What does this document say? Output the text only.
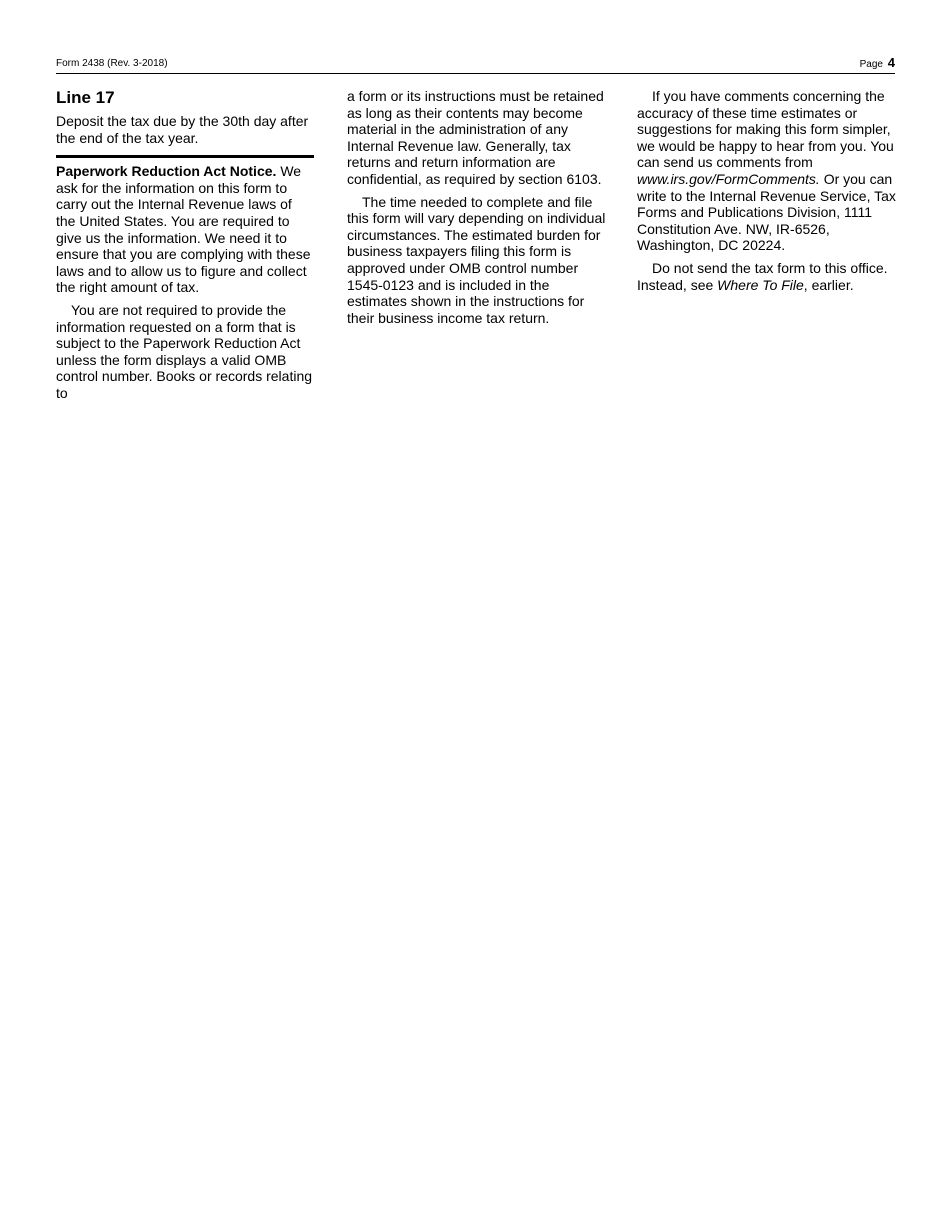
Form 2438 (Rev. 3-2018)	Page 4
Line 17
Deposit the tax due by the 30th day after the end of the tax year.
Paperwork Reduction Act Notice. We ask for the information on this form to carry out the Internal Revenue laws of the United States. You are required to give us the information. We need it to ensure that you are complying with these laws and to allow us to figure and collect the right amount of tax.
You are not required to provide the information requested on a form that is subject to the Paperwork Reduction Act unless the form displays a valid OMB control number. Books or records relating to
a form or its instructions must be retained as long as their contents may become material in the administration of any Internal Revenue law. Generally, tax returns and return information are confidential, as required by section 6103.
The time needed to complete and file this form will vary depending on individual circumstances. The estimated burden for business taxpayers filing this form is approved under OMB control number 1545-0123 and is included in the estimates shown in the instructions for their business income tax return.
If you have comments concerning the accuracy of these time estimates or suggestions for making this form simpler, we would be happy to hear from you. You can send us comments from www.irs.gov/FormComments. Or you can write to the Internal Revenue Service, Tax Forms and Publications Division, 1111 Constitution Ave. NW, IR-6526, Washington, DC 20224.
Do not send the tax form to this office. Instead, see Where To File, earlier.
